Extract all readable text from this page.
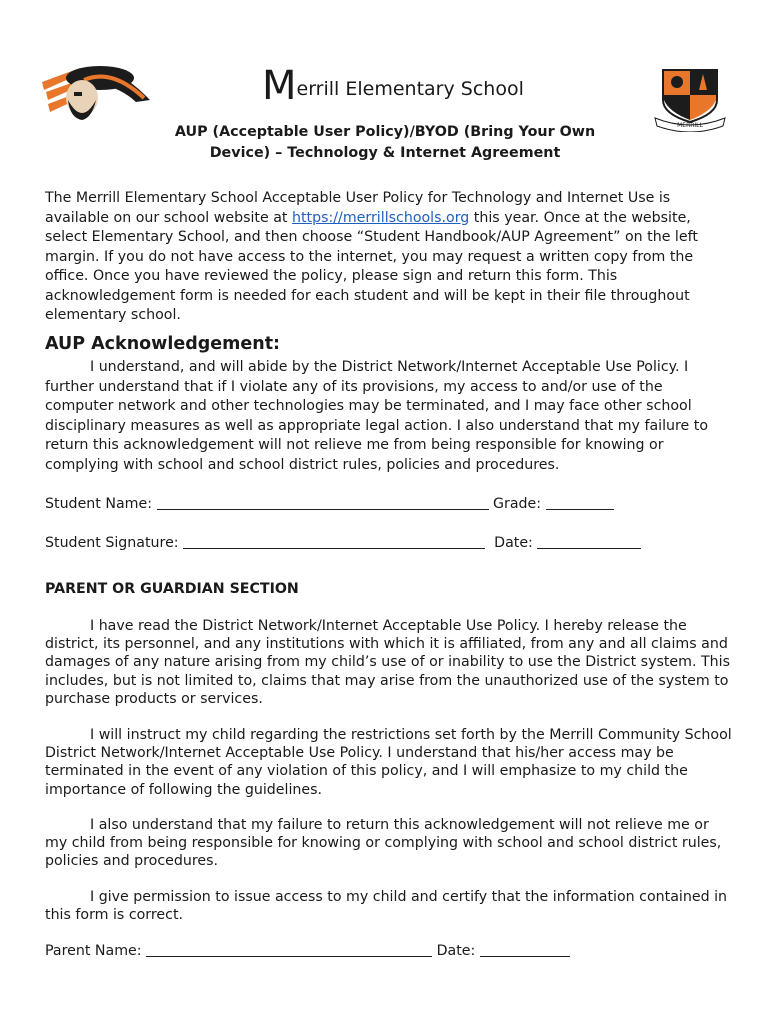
Merrill Elementary School
MERRILL
AUP (Acceptable User Policy)/BYOD (Bring Your Own
Device) – Technology & Internet Agreement
The Merrill Elementary School Acceptable User Policy for Technology and Internet Use is available on our school website at https://merrillschools.org this year. Once at the website, select Elementary School, and then choose “Student Handbook/AUP Agreement” on the left margin. If you do not have access to the internet, you may request a written copy from the office. Once you have reviewed the policy, please sign and return this form. This acknowledgement form is needed for each student and will be kept in their file throughout elementary school.
AUP Acknowledgement:
I understand, and will abide by the District Network/Internet Acceptable Use Policy. I further understand that if I violate any of its provisions, my access to and/or use of the computer network and other technologies may be terminated, and I may face other school disciplinary measures as well as appropriate legal action. I also understand that my failure to return this acknowledgement will not relieve me from being responsible for knowing or complying with school and school district rules, policies and procedures.
Student Name:	Grade:
Student Signature:	Date:
PARENT OR GUARDIAN SECTION
I have read the District Network/Internet Acceptable Use Policy. I hereby release the district, its personnel, and any institutions with which it is affiliated, from any and all claims and damages of any nature arising from my child’s use of or inability to use the District system. This includes, but is not limited to, claims that may arise from the unauthorized use of the system to purchase products or services.
I will instruct my child regarding the restrictions set forth by the Merrill Community School District Network/Internet Acceptable Use Policy. I understand that his/her access may be terminated in the event of any violation of this policy, and I will emphasize to my child the importance of following the guidelines.
I also understand that my failure to return this acknowledgement will not relieve me or my child from being responsible for knowing or complying with school and school district rules, policies and procedures.
I give permission to issue access to my child and certify that the information contained in this form is correct.
Parent Name:	Date:
